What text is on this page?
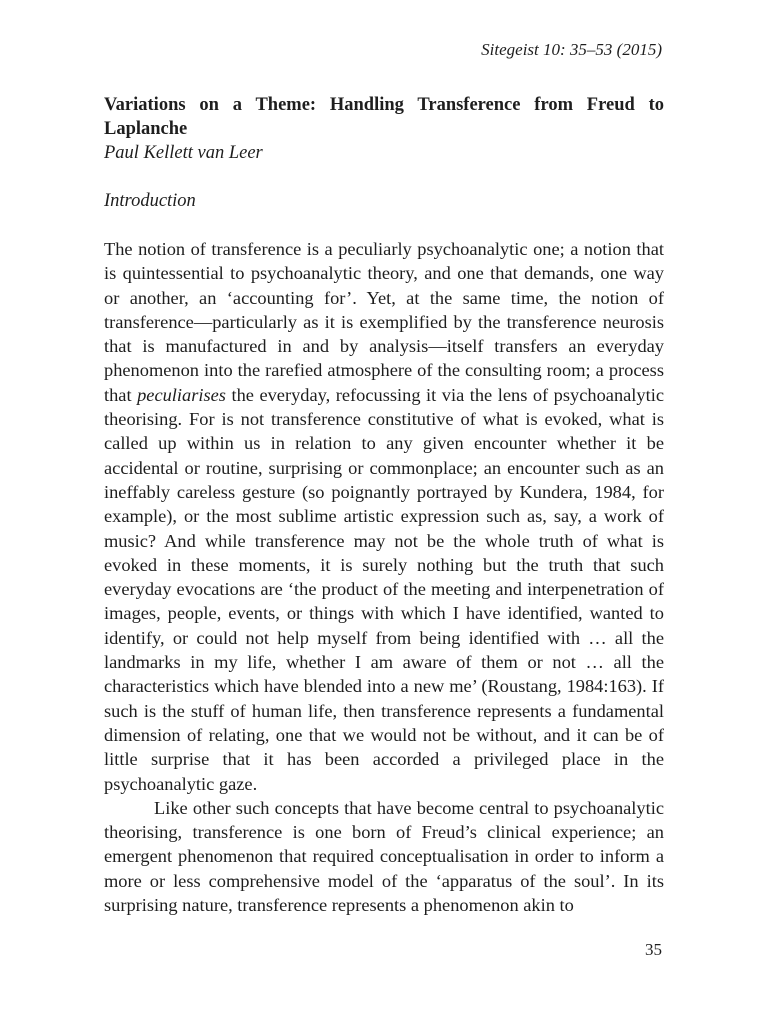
Sitegeist 10: 35–53 (2015)

Variations on a Theme: Handling Transference from Freud to Laplanche

Paul Kellett van Leer

Introduction

The notion of transference is a peculiarly psychoanalytic one; a notion that is quintessential to psychoanalytic theory, and one that demands, one way or another, an ‘accounting for’. Yet, at the same time, the notion of transference—particularly as it is exemplified by the transference neurosis that is manufactured in and by analysis—itself transfers an everyday phenomenon into the rarefied atmosphere of the consulting room; a process that peculiarises the everyday, refocussing it via the lens of psychoanalytic theorising. For is not transference constitutive of what is evoked, what is called up within us in relation to any given encounter whether it be accidental or routine, surprising or commonplace; an encounter such as an ineffably careless gesture (so poignantly portrayed by Kundera, 1984, for example), or the most sublime artistic expression such as, say, a work of music? And while transference may not be the whole truth of what is evoked in these moments, it is surely nothing but the truth that such everyday evocations are ‘the product of the meeting and interpenetration of images, people, events, or things with which I have identified, wanted to identify, or could not help myself from being identified with … all the landmarks in my life, whether I am aware of them or not … all the characteristics which have blended into a new me’ (Roustang, 1984:163). If such is the stuff of human life, then transference represents a fundamental dimension of relating, one that we would not be without, and it can be of little surprise that it has been accorded a privileged place in the psychoanalytic gaze.

Like other such concepts that have become central to psychoanalytic theorising, transference is one born of Freud’s clinical experience; an emergent phenomenon that required conceptualisation in order to inform a more or less comprehensive model of the ‘apparatus of the soul’. In its surprising nature, transference represents a phenomenon akin to

35
